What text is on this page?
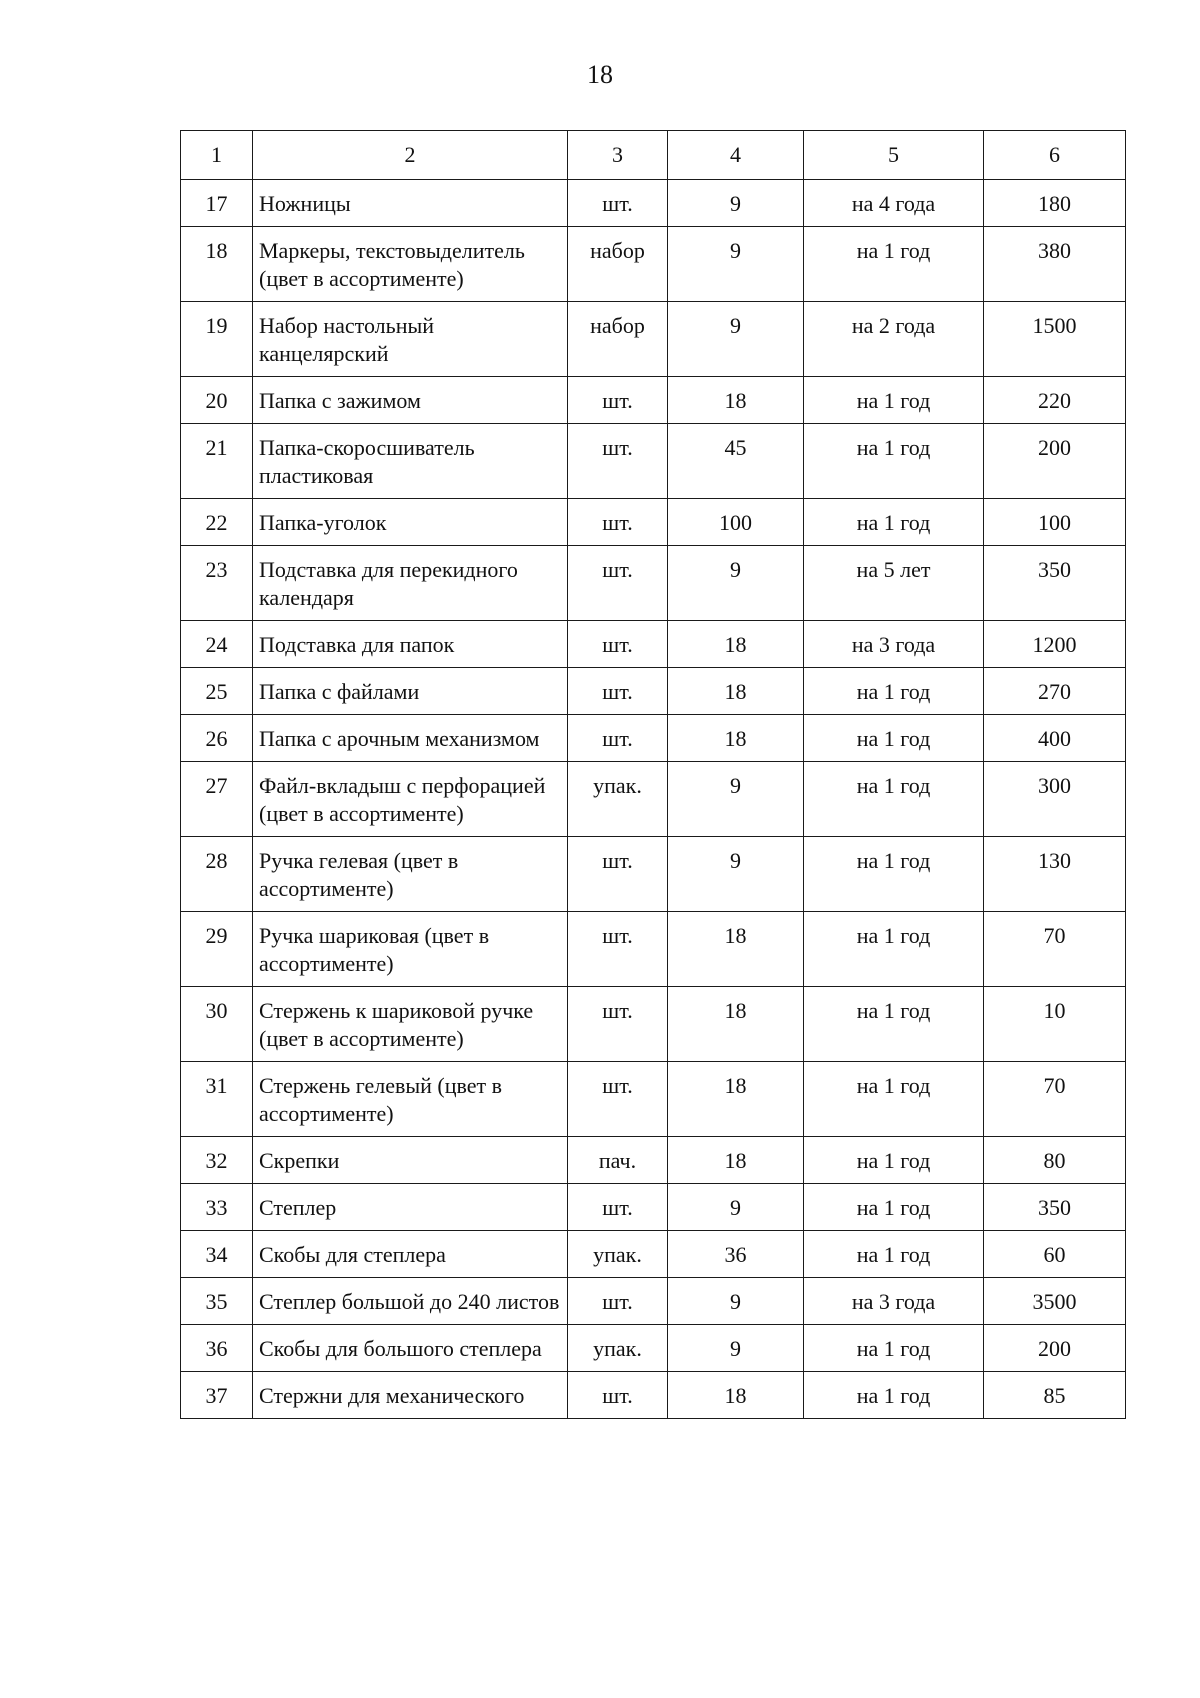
18
1	2	3	4	5	6
17	Ножницы	шт.	9	на 4 года	180
18	Маркеры, текстовыделитель (цвет в ассортименте)	набор	9	на 1 год	380
19	Набор настольный канцелярский	набор	9	на 2 года	1500
20	Папка с зажимом	шт.	18	на 1 год	220
21	Папка-скоросшиватель пластиковая	шт.	45	на 1 год	200
22	Папка-уголок	шт.	100	на 1 год	100
23	Подставка для перекидного календаря	шт.	9	на 5 лет	350
24	Подставка для папок	шт.	18	на 3 года	1200
25	Папка с файлами	шт.	18	на 1 год	270
26	Папка с арочным механизмом	шт.	18	на 1 год	400
27	Файл-вкладыш с перфорацией (цвет в ассортименте)	упак.	9	на 1 год	300
28	Ручка гелевая (цвет в ассортименте)	шт.	9	на 1 год	130
29	Ручка шариковая (цвет в ассортименте)	шт.	18	на 1 год	70
30	Стержень к шариковой ручке (цвет в ассортименте)	шт.	18	на 1 год	10
31	Стержень гелевый (цвет в ассортименте)	шт.	18	на 1 год	70
32	Скрепки	пач.	18	на 1 год	80
33	Степлер	шт.	9	на 1 год	350
34	Скобы для степлера	упак.	36	на 1 год	60
35	Степлер большой до 240 листов	шт.	9	на 3 года	3500
36	Скобы для большого степлера	упак.	9	на 1 год	200
37	Стержни для механического	шт.	18	на 1 год	85
